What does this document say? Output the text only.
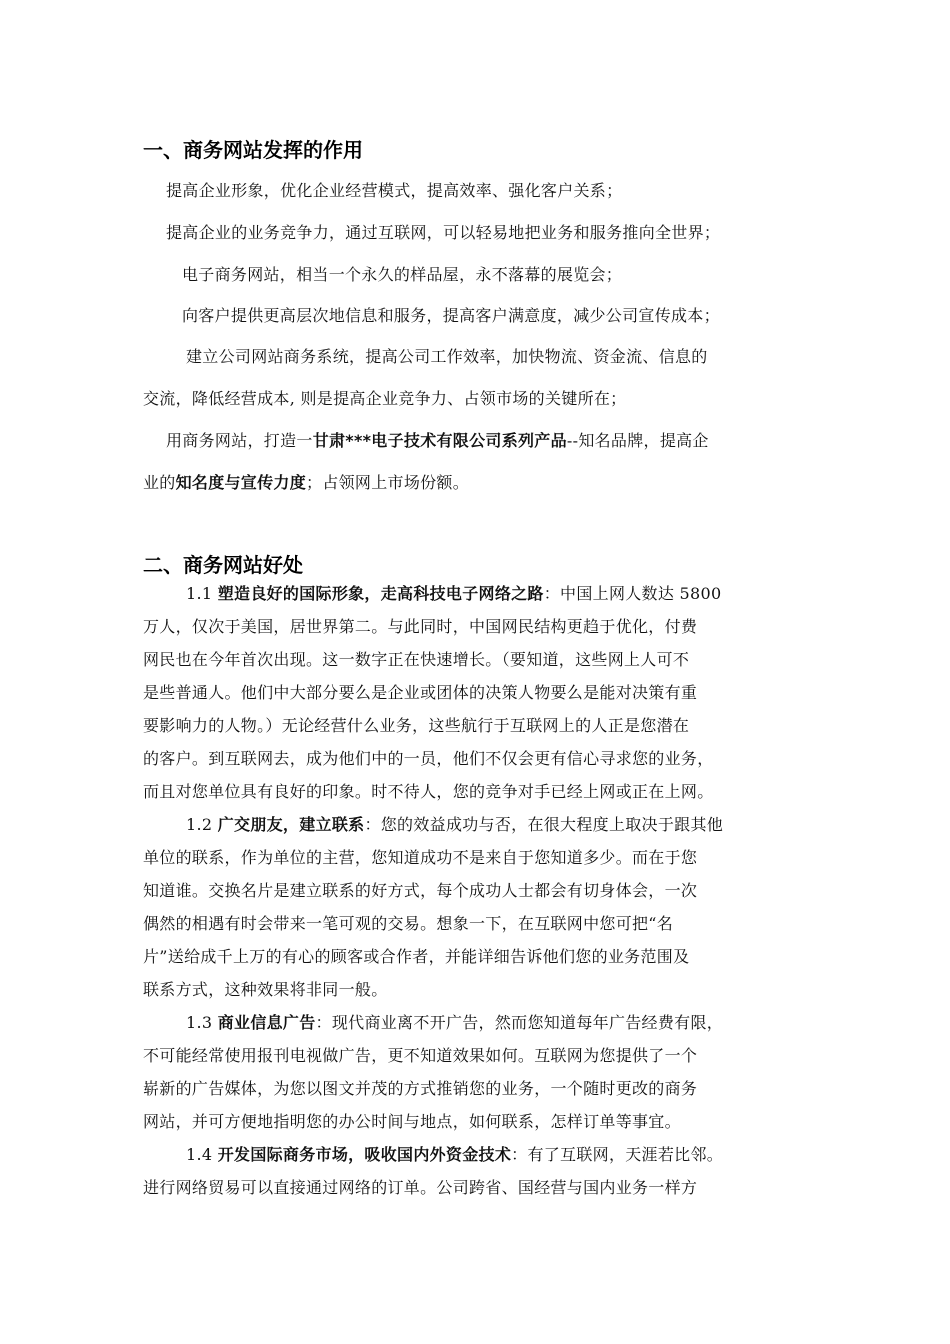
一、商务网站发挥的作用
提高企业形象，优化企业经营模式，提高效率、强化客户关系；
提高企业的业务竞争力，通过互联网，可以轻易地把业务和服务推向全世界；
电子商务网站，相当一个永久的样品屋，永不落幕的展览会；
向客户提供更高层次地信息和服务，提高客户满意度，减少公司宣传成本；
建立公司网站商务系统，提高公司工作效率，加快物流、资金流、信息的
交流，降低经营成本, 则是提高企业竞争力、占领市场的关键所在；
用商务网站，打造一甘肃***电子技术有限公司系列产品--知名品牌，提高企
业的知名度与宣传力度；占领网上市场份额。
二、商务网站好处
1.1 塑造良好的国际形象，走高科技电子网络之路：中国上网人数达 5800
万人，仅次于美国，居世界第二。与此同时，中国网民结构更趋于优化，付费
网民也在今年首次出现。这一数字正在快速增长。（要知道，这些网上人可不
是些普通人。他们中大部分要么是企业或团体的决策人物要么是能对决策有重
要影响力的人物。）无论经营什么业务，这些航行于互联网上的人正是您潜在
的客户。到互联网去，成为他们中的一员，他们不仅会更有信心寻求您的业务，
而且对您单位具有良好的印象。时不待人，您的竞争对手已经上网或正在上网。
1.2 广交朋友，建立联系：您的效益成功与否，在很大程度上取决于跟其他
单位的联系，作为单位的主营，您知道成功不是来自于您知道多少。而在于您
知道谁。交换名片是建立联系的好方式，每个成功人士都会有切身体会，一次
偶然的相遇有时会带来一笔可观的交易。想象一下，在互联网中您可把“名
片”送给成千上万的有心的顾客或合作者，并能详细告诉他们您的业务范围及
联系方式，这种效果将非同一般。
1.3 商业信息广告：现代商业离不开广告，然而您知道每年广告经费有限，
不可能经常使用报刊电视做广告，更不知道效果如何。互联网为您提供了一个
崭新的广告媒体，为您以图文并茂的方式推销您的业务，一个随时更改的商务
网站，并可方便地指明您的办公时间与地点，如何联系，怎样订单等事宜。
1.4 开发国际商务市场，吸收国内外资金技术：有了互联网，天涯若比邻。
进行网络贸易可以直接通过网络的订单。公司跨省、国经营与国内业务一样方
